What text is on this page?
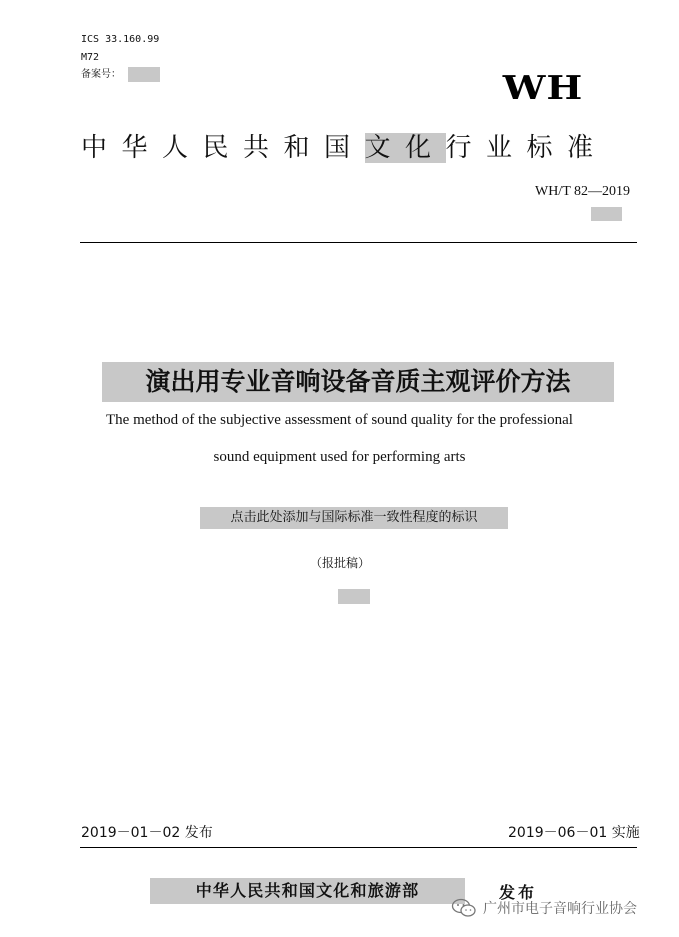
ICS 33.160.99
M72
备案号：	WH
中华人民共和国文化行业标准
WH/T 82—2019
演出用专业音响设备音质主观评价方法
The method of the subjective assessment of sound quality for the professional
sound equipment used for performing arts
点击此处添加与国际标准一致性程度的标识
（报批稿）
2019－01－02 发布	2019－06－01 实施
中华人民共和国文化和旅游部	发布
广州市电子音响行业协会
